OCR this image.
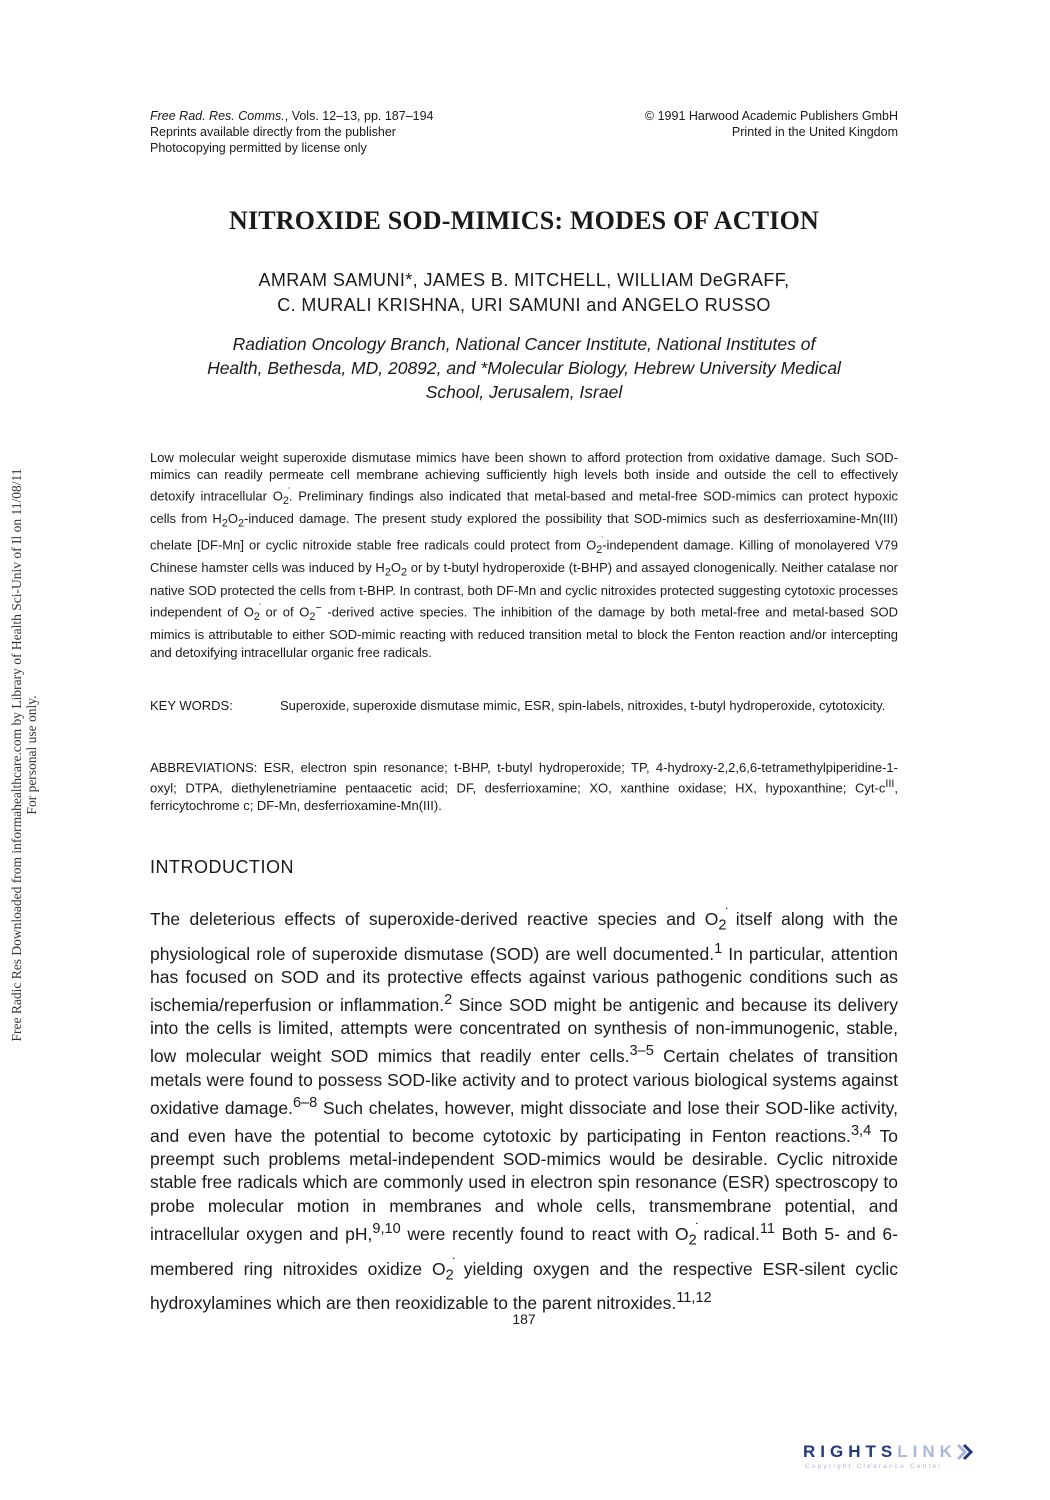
Free Radic Res Downloaded from informahealthcare.com by Library of Health Sci-Univ of Il on 11/08/11 For personal use only.
Free Rad. Res. Comms., Vols. 12–13, pp. 187–194
Reprints available directly from the publisher
Photocopying permitted by license only
© 1991 Harwood Academic Publishers GmbH
Printed in the United Kingdom
NITROXIDE SOD-MIMICS: MODES OF ACTION
AMRAM SAMUNI*, JAMES B. MITCHELL, WILLIAM DeGRAFF,
C. MURALI KRISHNA, URI SAMUNI and ANGELO RUSSO
Radiation Oncology Branch, National Cancer Institute, National Institutes of
Health, Bethesda, MD, 20892, and *Molecular Biology, Hebrew University Medical
School, Jerusalem, Israel
Low molecular weight superoxide dismutase mimics have been shown to afford protection from oxidative damage. Such SOD-mimics can readily permeate cell membrane achieving sufficiently high levels both inside and outside the cell to effectively detoxify intracellular $O_2$. Preliminary findings also indicated that metal-based and metal-free SOD-mimics can protect hypoxic cells from $H_2O_2$-induced damage. The present study explored the possibility that SOD-mimics such as desferrioxamine-Mn(III) chelate [DF-Mn] or cyclic nitroxide stable free radicals could protect from $O_2$-independent damage. Killing of monolayered V79 Chinese hamster cells was induced by $H_2O_2$ or by t-butyl hydroperoxide (t-BHP) and assayed clonogenically. Neither catalase nor native SOD protected the cells from t-BHP. In contrast, both DF-Mn and cyclic nitroxides protected suggesting cytotoxic processes independent of $O_2$ or of $O_2^-$ -derived active species. The inhibition of the damage by both metal-free and metal-based SOD mimics is attributable to either SOD-mimic reacting with reduced transition metal to block the Fenton reaction and/or intercepting and detoxifying intracellular organic free radicals.
KEY WORDS:	Superoxide, superoxide dismutase mimic, ESR, spin-labels, nitroxides, t-butyl hydroperoxide, cytotoxicity.
ABBREVIATIONS: ESR, electron spin resonance; t-BHP, t-butyl hydroperoxide; TP, 4-hydroxy-2,2,6,6-tetramethylpiperidine-1-oxyl; DTPA, diethylenetriamine pentaacetic acid; DF, desferrioxamine; XO, xanthine oxidase; HX, hypoxanthine; Cyt-$c^{III}$, ferricytochrome c; DF-Mn, desferrioxamine-Mn(III).
INTRODUCTION
The deleterious effects of superoxide-derived reactive species and $O_2$ itself along with the physiological role of superoxide dismutase (SOD) are well documented.$^1$ In particular, attention has focused on SOD and its protective effects against various pathogenic conditions such as ischemia/reperfusion or inflammation.$^2$ Since SOD might be antigenic and because its delivery into the cells is limited, attempts were concentrated on synthesis of non-immunogenic, stable, low molecular weight SOD mimics that readily enter cells.$^{3-5}$ Certain chelates of transition metals were found to possess SOD-like activity and to protect various biological systems against oxidative damage.$^{6-8}$ Such chelates, however, might dissociate and lose their SOD-like activity, and even have the potential to become cytotoxic by participating in Fenton reactions.$^{3,4}$ To preempt such problems metal-independent SOD-mimics would be desirable. Cyclic nitroxide stable free radicals which are commonly used in electron spin resonance (ESR) spectroscopy to probe molecular motion in membranes and whole cells, transmembrane potential, and intracellular oxygen and pH,$^{9,10}$ were recently found to react with $O_2$ radical.$^{11}$ Both 5- and 6-membered ring nitroxides oxidize $O_2$ yielding oxygen and the respective ESR-silent cyclic hydroxylamines which are then reoxidizable to the parent nitroxides.$^{11,12}$
187
RIGHTS LINK
Copyright Clearance Center
